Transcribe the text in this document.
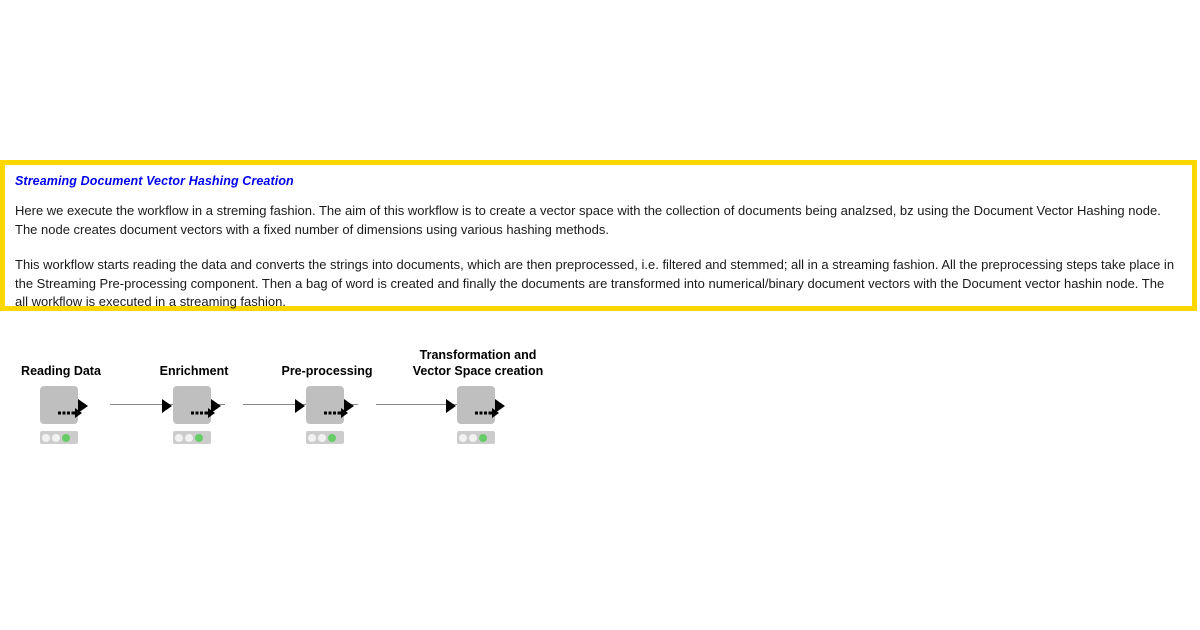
Streaming Document Vector Hashing Creation

Here we execute the workflow in a streming fashion. The aim of this workflow is to create a vector space with the collection of documents being analzsed, bz using the Document Vector Hashing node. The node creates document vectors with a fixed number of dimensions using various hashing methods.

This workflow starts reading the data and converts the strings into documents, which are then preprocessed, i.e. filtered and stemmed; all in a streaming fashion. All the preprocessing steps take place in the Streaming Pre-processing component. Then a bag of word is created and finally the documents are transformed into numerical/binary document vectors with the Document vector hashin node. The all workflow is executed in a streaming fashion.

Reading Data	Enrichment	Pre-processing
Transformation and
Vector Space creation
